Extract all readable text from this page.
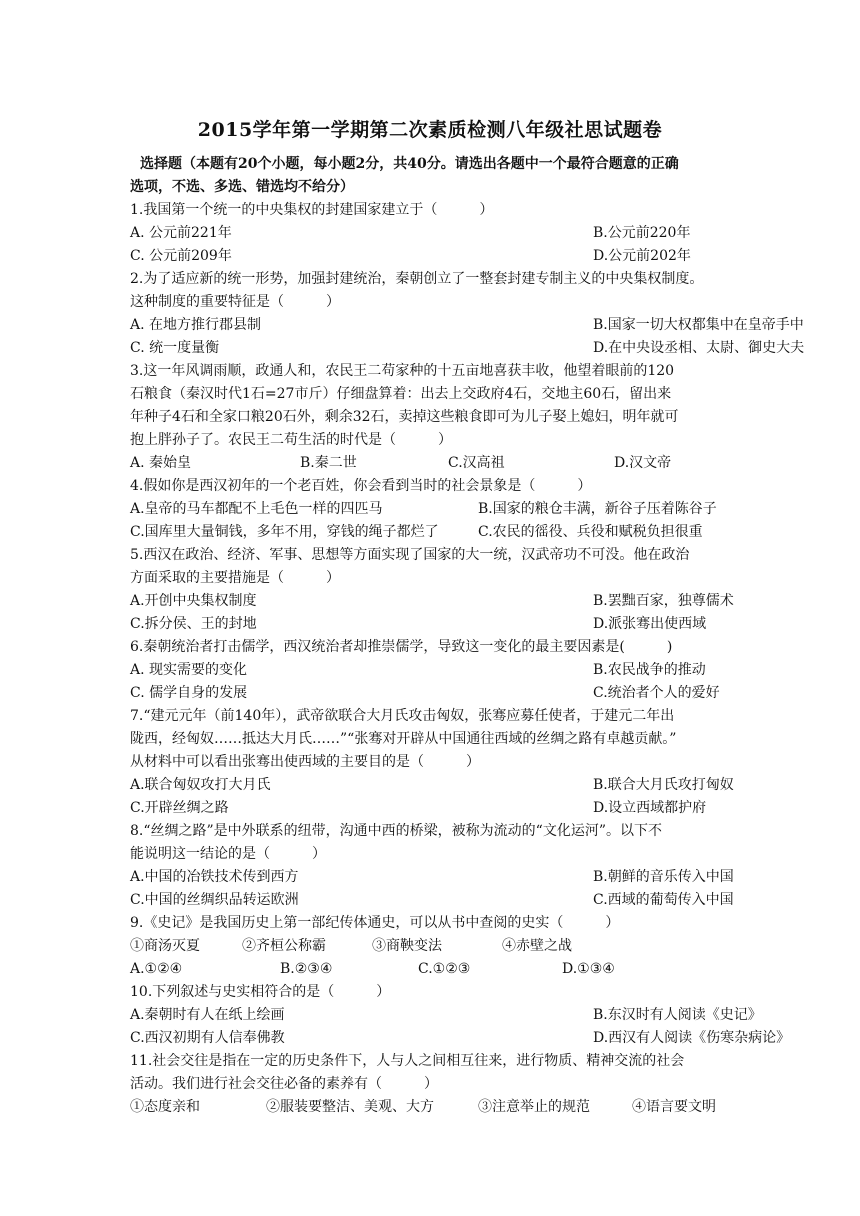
2015学年第一学期第二次素质检测八年级社思试题卷
选择题（本题有20个小题，每小题2分，共40分。请选出各题中一个最符合题意的正确
选项，不选、多选、错选均不给分）
1.我国第一个统一的中央集权的封建国家建立于（　　　）
A. 公元前221年	B.公元前220年
C. 公元前209年	D.公元前202年
2.为了适应新的统一形势，加强封建统治，秦朝创立了一整套封建专制主义的中央集权制度。
这种制度的重要特征是（　　　）
A. 在地方推行郡县制	B.国家一切大权都集中在皇帝手中
C. 统一度量衡	D.在中央设丞相、太尉、御史大夫
3.这一年风调雨顺，政通人和，农民王二苟家种的十五亩地喜获丰收，他望着眼前的120
石粮食（秦汉时代1石=27市斤）仔细盘算着：出去上交政府4石，交地主60石，留出来
年种子4石和全家口粮20石外，剩余32石，卖掉这些粮食即可为儿子娶上媳妇，明年就可
抱上胖孙子了。农民王二苟生活的时代是（　　　）
A. 秦始皇	B.秦二世	C.汉高祖	D.汉文帝
4.假如你是西汉初年的一个老百姓，你会看到当时的社会景象是（　　　）
A.皇帝的马车都配不上毛色一样的四匹马	B.国家的粮仓丰满，新谷子压着陈谷子
C.国库里大量铜钱，多年不用，穿钱的绳子都烂了	C.农民的徭役、兵役和赋税负担很重
5.西汉在政治、经济、军事、思想等方面实现了国家的大一统，汉武帝功不可没。他在政治
方面采取的主要措施是（　　　）
A.开创中央集权制度	B.罢黜百家，独尊儒术
C.拆分侯、王的封地	D.派张骞出使西域
6.秦朝统治者打击儒学，西汉统治者却推崇儒学，导致这一变化的最主要因素是(　　　)
A. 现实需要的变化	B.农民战争的推动
C. 儒学自身的发展	C.统治者个人的爱好
7.“建元元年（前140年），武帝欲联合大月氏攻击匈奴，张骞应募任使者，于建元二年出
陇西，经匈奴……抵达大月氏……”“张骞对开辟从中国通往西域的丝绸之路有卓越贡献。”
从材料中可以看出张骞出使西域的主要目的是（　　　）
A.联合匈奴攻打大月氏	B.联合大月氏攻打匈奴
C.开辟丝绸之路	D.设立西域都护府
8.“丝绸之路”是中外联系的纽带，沟通中西的桥梁，被称为流动的“文化运河”。以下不
能说明这一结论的是（　　　）
A.中国的冶铁技术传到西方	B.朝鲜的音乐传入中国
C.中国的丝绸织品转运欧洲	C.西域的葡萄传入中国
9.《史记》是我国历史上第一部纪传体通史，可以从书中查阅的史实（　　　）
①商汤灭夏	②齐桓公称霸	③商鞅变法	④赤壁之战
A.①②④	B.②③④	C.①②③	D.①③④
10.下列叙述与史实相符合的是（　　　）
A.秦朝时有人在纸上绘画	B.东汉时有人阅读《史记》
C.西汉初期有人信奉佛教	D.西汉有人阅读《伤寒杂病论》
11.社会交往是指在一定的历史条件下，人与人之间相互往来，进行物质、精神交流的社会
活动。我们进行社会交往必备的素养有（　　　）
①态度亲和	②服装要整洁、美观、大方	③注意举止的规范	④语言要文明
